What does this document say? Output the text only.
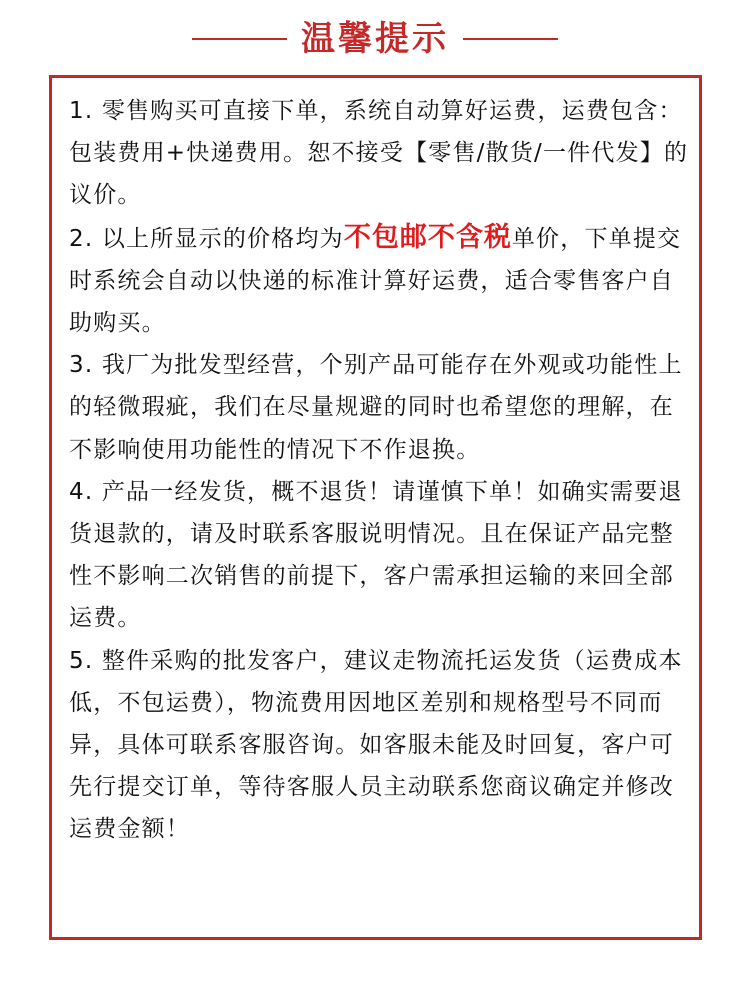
温馨提示

1. 零售购买可直接下单，系统自动算好运费，运费包含：包装费用+快递费用。恕不接受【零售/散货/一件代发】的议价。

2. 以上所显示的价格均为不包邮不含税单价，下单提交时系统会自动以快递的标准计算好运费，适合零售客户自助购买。

3. 我厂为批发型经营，个别产品可能存在外观或功能性上的轻微瑕疵，我们在尽量规避的同时也希望您的理解，在不影响使用功能性的情况下不作退换。

4. 产品一经发货，概不退货！请谨慎下单！如确实需要退货退款的，请及时联系客服说明情况。且在保证产品完整性不影响二次销售的前提下，客户需承担运输的来回全部运费。

5. 整件采购的批发客户，建议走物流托运发货（运费成本低，不包运费），物流费用因地区差别和规格型号不同而异，具体可联系客服咨询。如客服未能及时回复，客户可先行提交订单，等待客服人员主动联系您商议确定并修改运费金额！
